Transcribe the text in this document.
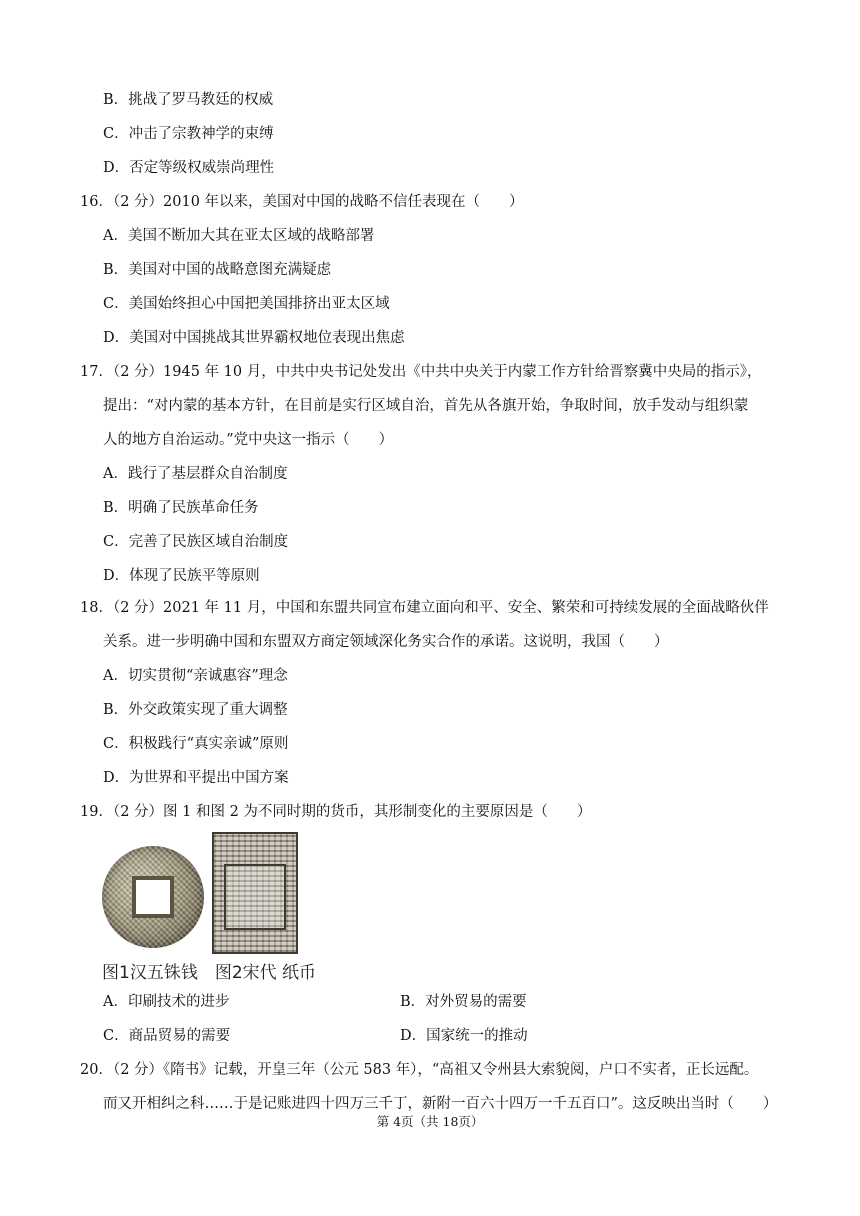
B．挑战了罗马教廷的权威
C．冲击了宗教神学的束缚
D．否定等级权威崇尚理性
16．（2 分）2010 年以来，美国对中国的战略不信任表现在（　　）
A．美国不断加大其在亚太区域的战略部署
B．美国对中国的战略意图充满疑虑
C．美国始终担心中国把美国排挤出亚太区域
D．美国对中国挑战其世界霸权地位表现出焦虑
17．（2 分）1945 年 10 月，中共中央书记处发出《中共中央关于内蒙工作方针给晋察冀中央局的指示》，
提出：“对内蒙的基本方针，在目前是实行区域自治，首先从各旗开始，争取时间，放手发动与组织蒙
人的地方自治运动。”党中央这一指示（　　）
A．践行了基层群众自治制度
B．明确了民族革命任务
C．完善了民族区域自治制度
D．体现了民族平等原则
18．（2 分）2021 年 11 月，中国和东盟共同宣布建立面向和平、安全、繁荣和可持续发展的全面战略伙伴
关系。进一步明确中国和东盟双方商定领域深化务实合作的承诺。这说明，我国（　　）
A．切实贯彻“亲诚惠容”理念
B．外交政策实现了重大调整
C．积极践行“真实亲诚”原则
D．为世界和平提出中国方案
19．（2 分）图 1 和图 2 为不同时期的货币，其形制变化的主要原因是（　　）
图1汉五铢钱　图2宋代 纸币
A．印刷技术的进步	B．对外贸易的需要
C．商品贸易的需要	D．国家统一的推动
20．（2 分）《隋书》记载，开皇三年（公元 583 年），“高祖又令州县大索貌阅，户口不实者，正长远配。
而又开相纠之科……于是记账进四十四万三千丁，新附一百六十四万一千五百口”。这反映出当时（　　）
第 4页（共 18页）
